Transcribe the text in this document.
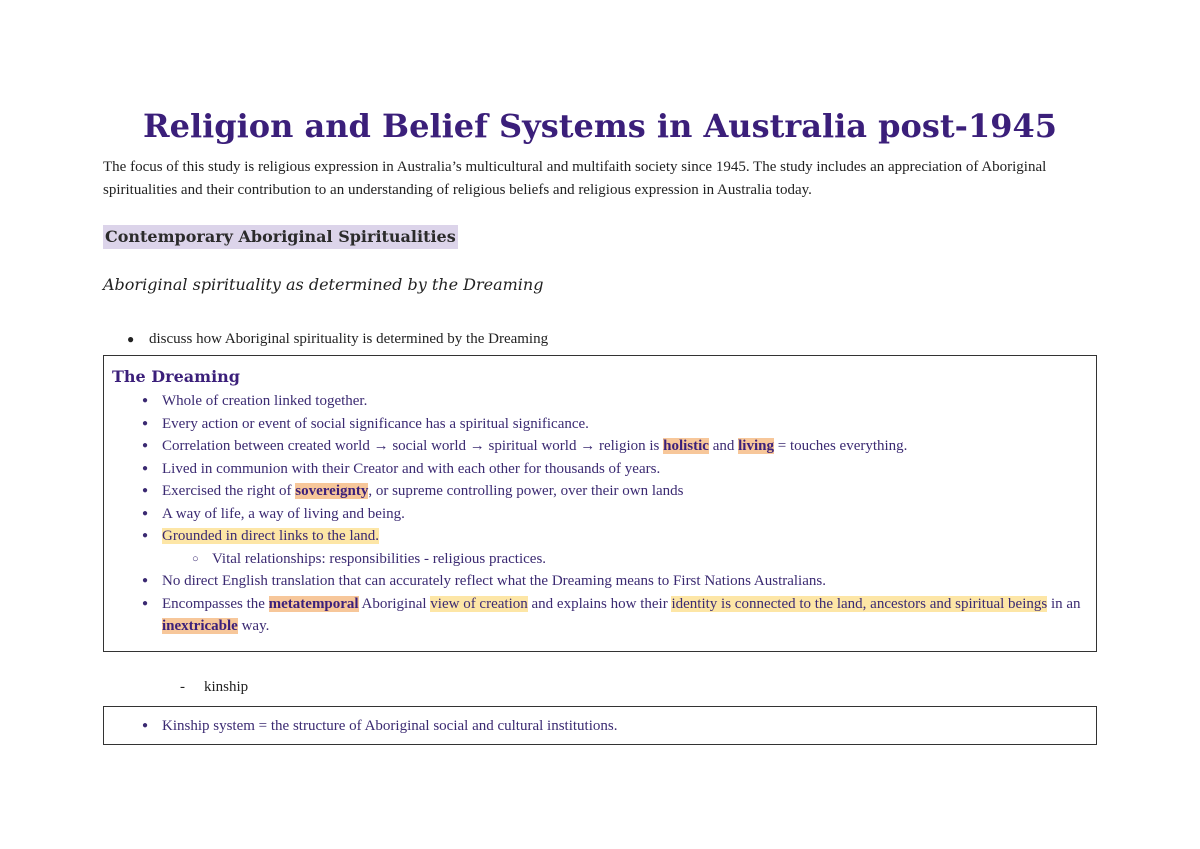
Religion and Belief Systems in Australia post-1945

The focus of this study is religious expression in Australia’s multicultural and multifaith society since 1945. The study includes an appreciation of Aboriginal spiritualities and their contribution to an understanding of religious beliefs and religious expression in Australia today.

Contemporary Aboriginal Spiritualities

Aboriginal spirituality as determined by the Dreaming

● discuss how Aboriginal spirituality is determined by the Dreaming
The Dreaming
● Whole of creation linked together.
● Every action or event of social significance has a spiritual significance.
● Correlation between created world → social world → spiritual world → religion is holistic and living = touches everything.
● Lived in communion with their Creator and with each other for thousands of years.
● Exercised the right of sovereignty, or supreme controlling power, over their own lands
● A way of life, a way of living and being.
● Grounded in direct links to the land.
○ Vital relationships: responsibilities - religious practices.
● No direct English translation that can accurately reflect what the Dreaming means to First Nations Australians.
● Encompasses the metatemporal Aboriginal view of creation and explains how their identity is connected to the land, ancestors and spiritual beings in an inextricable way.
- kinship
● Kinship system = the structure of Aboriginal social and cultural institutions.
